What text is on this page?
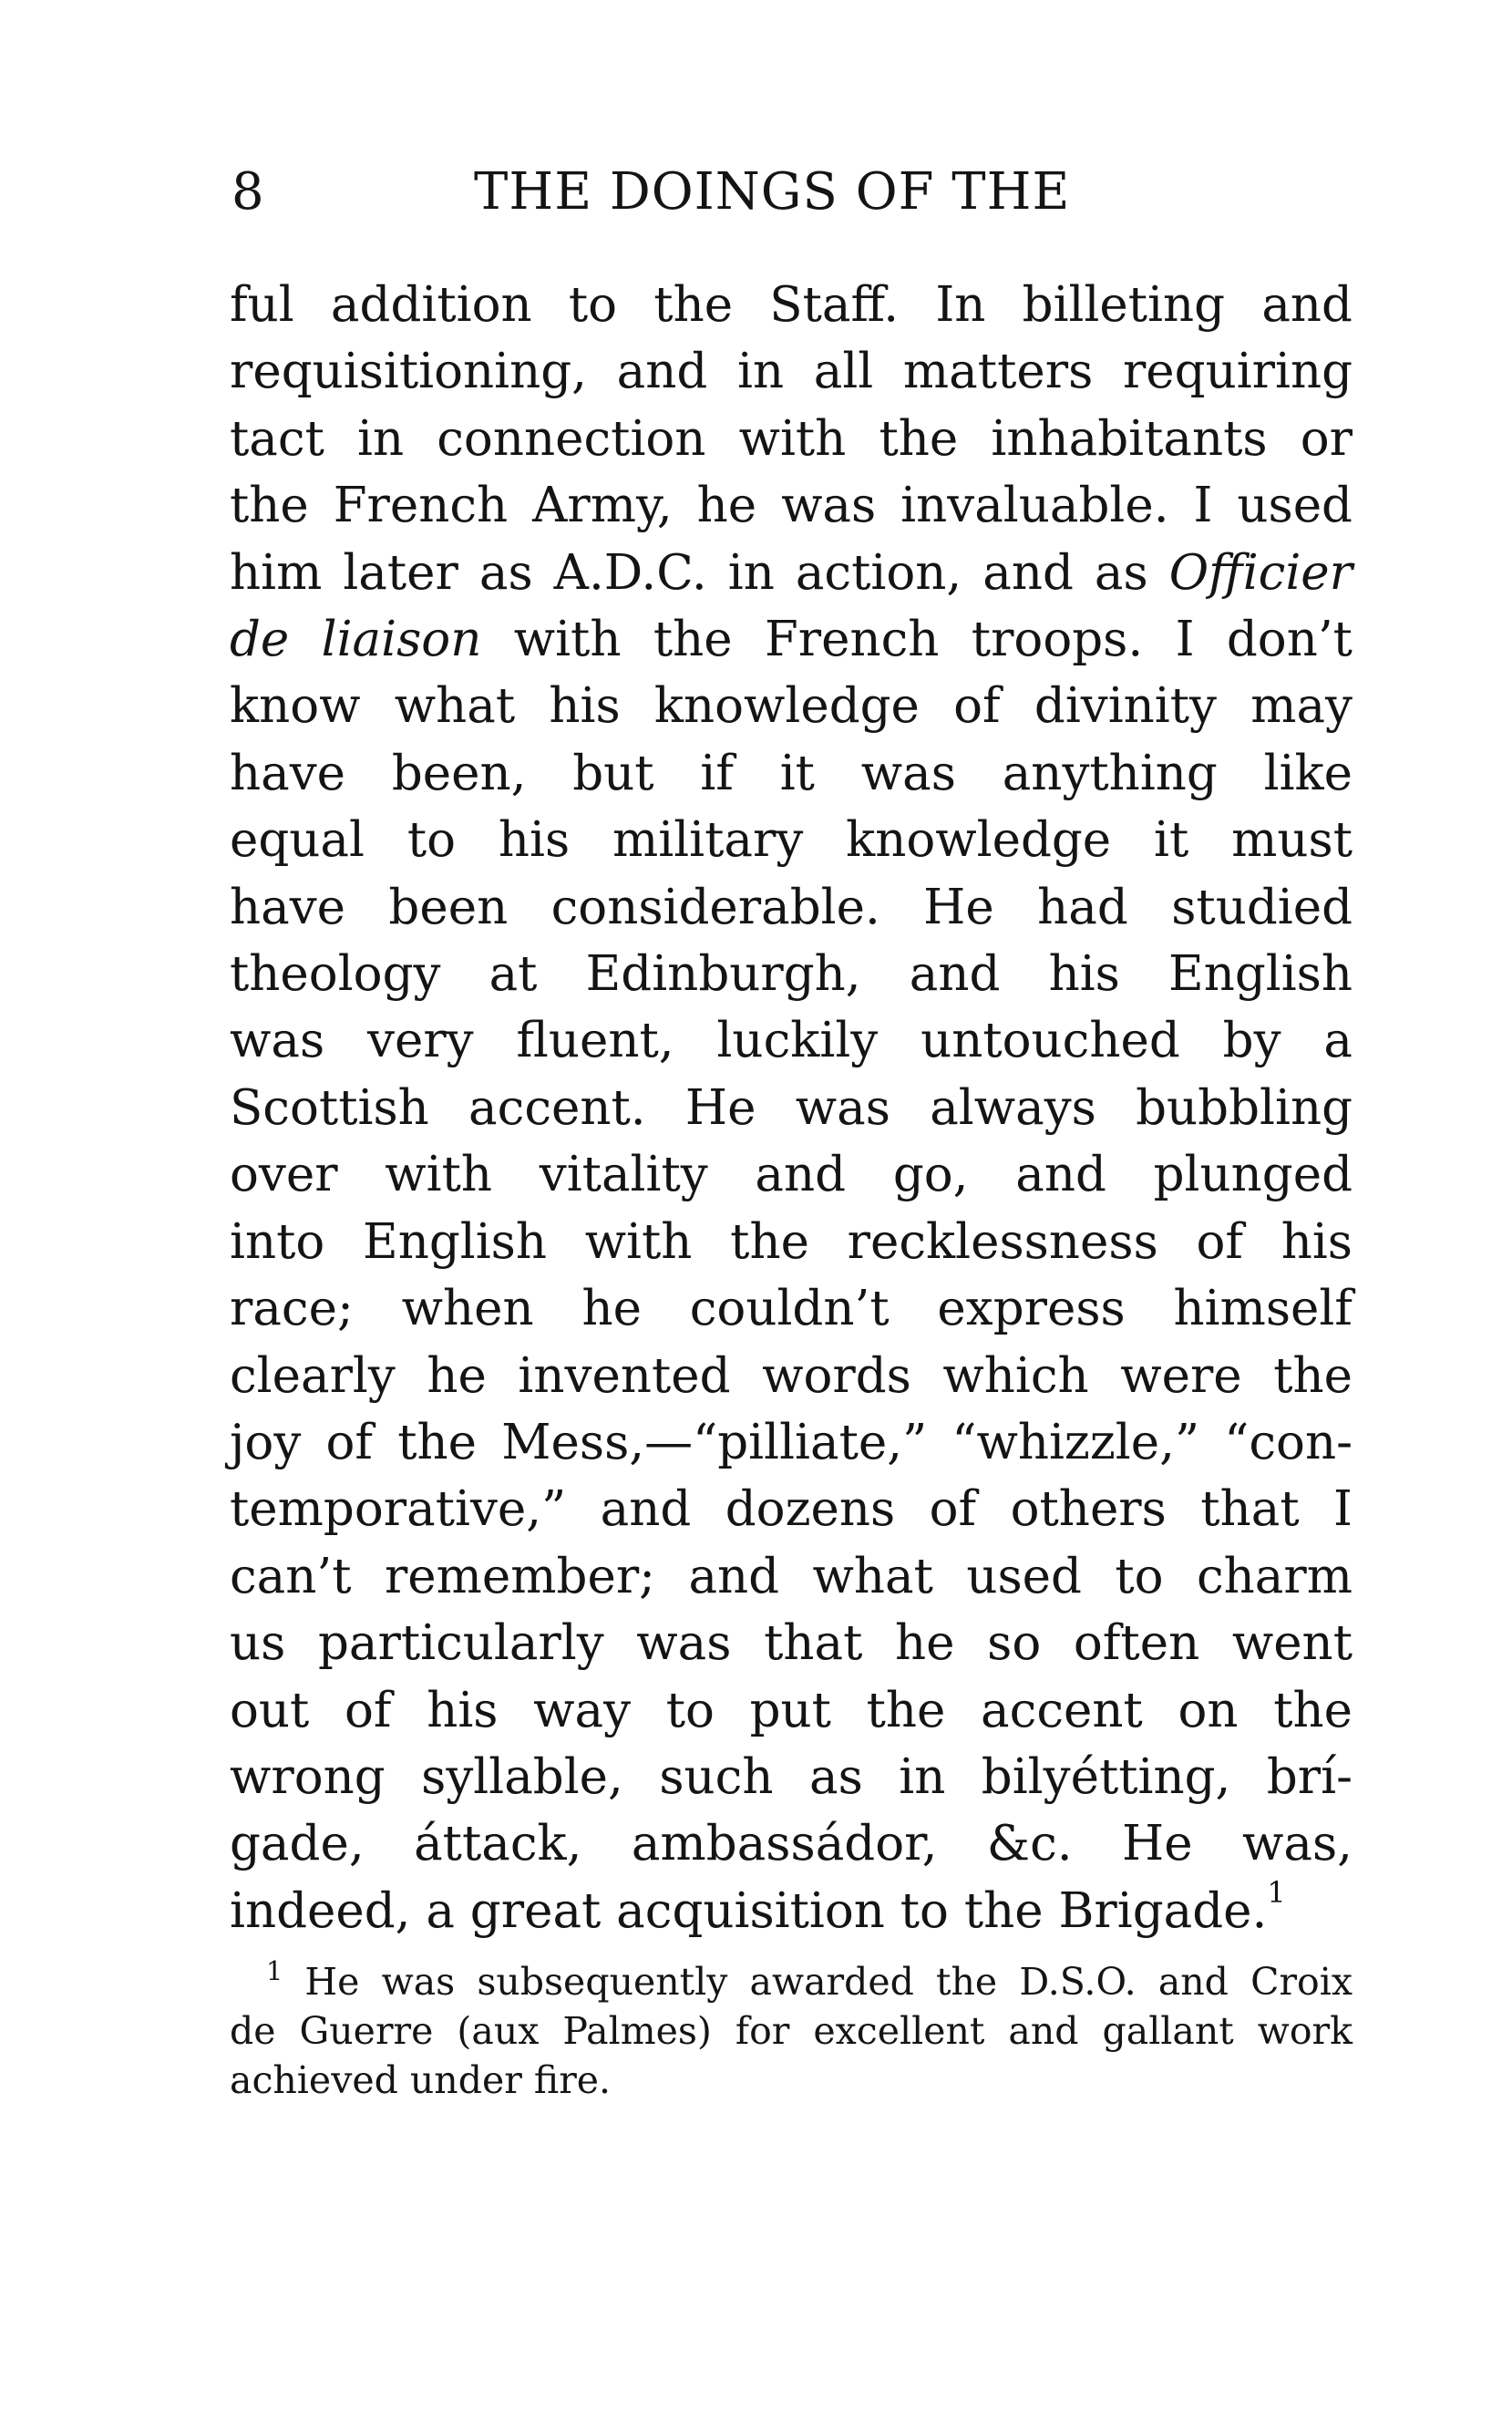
8	THE DOINGS OF THE
ful addition to the Staff. In billeting and
requisitioning, and in all matters requiring
tact in connection with the inhabitants or
the French Army, he was invaluable. I used
him later as A.D.C. in action, and as Officier
de liaison with the French troops. I don’t
know what his knowledge of divinity may
have been, but if it was anything like
equal to his military knowledge it must
have been considerable. He had studied
theology at Edinburgh, and his English
was very fluent, luckily untouched by a
Scottish accent. He was always bubbling
over with vitality and go, and plunged
into English with the recklessness of his
race; when he couldn’t express himself
clearly he invented words which were the
joy of the Mess,—“pilliate,” “whizzle,” “con-
temporative,” and dozens of others that I
can’t remember; and what used to charm
us particularly was that he so often went
out of his way to put the accent on the
wrong syllable, such as in bilyétting, brí-
gade, áttack, ambassádor, &c. He was,
indeed, a great acquisition to the Brigade.$^1$
$^1$ He was subsequently awarded the D.S.O. and Croix
de Guerre (aux Palmes) for excellent and gallant work
achieved under fire.
